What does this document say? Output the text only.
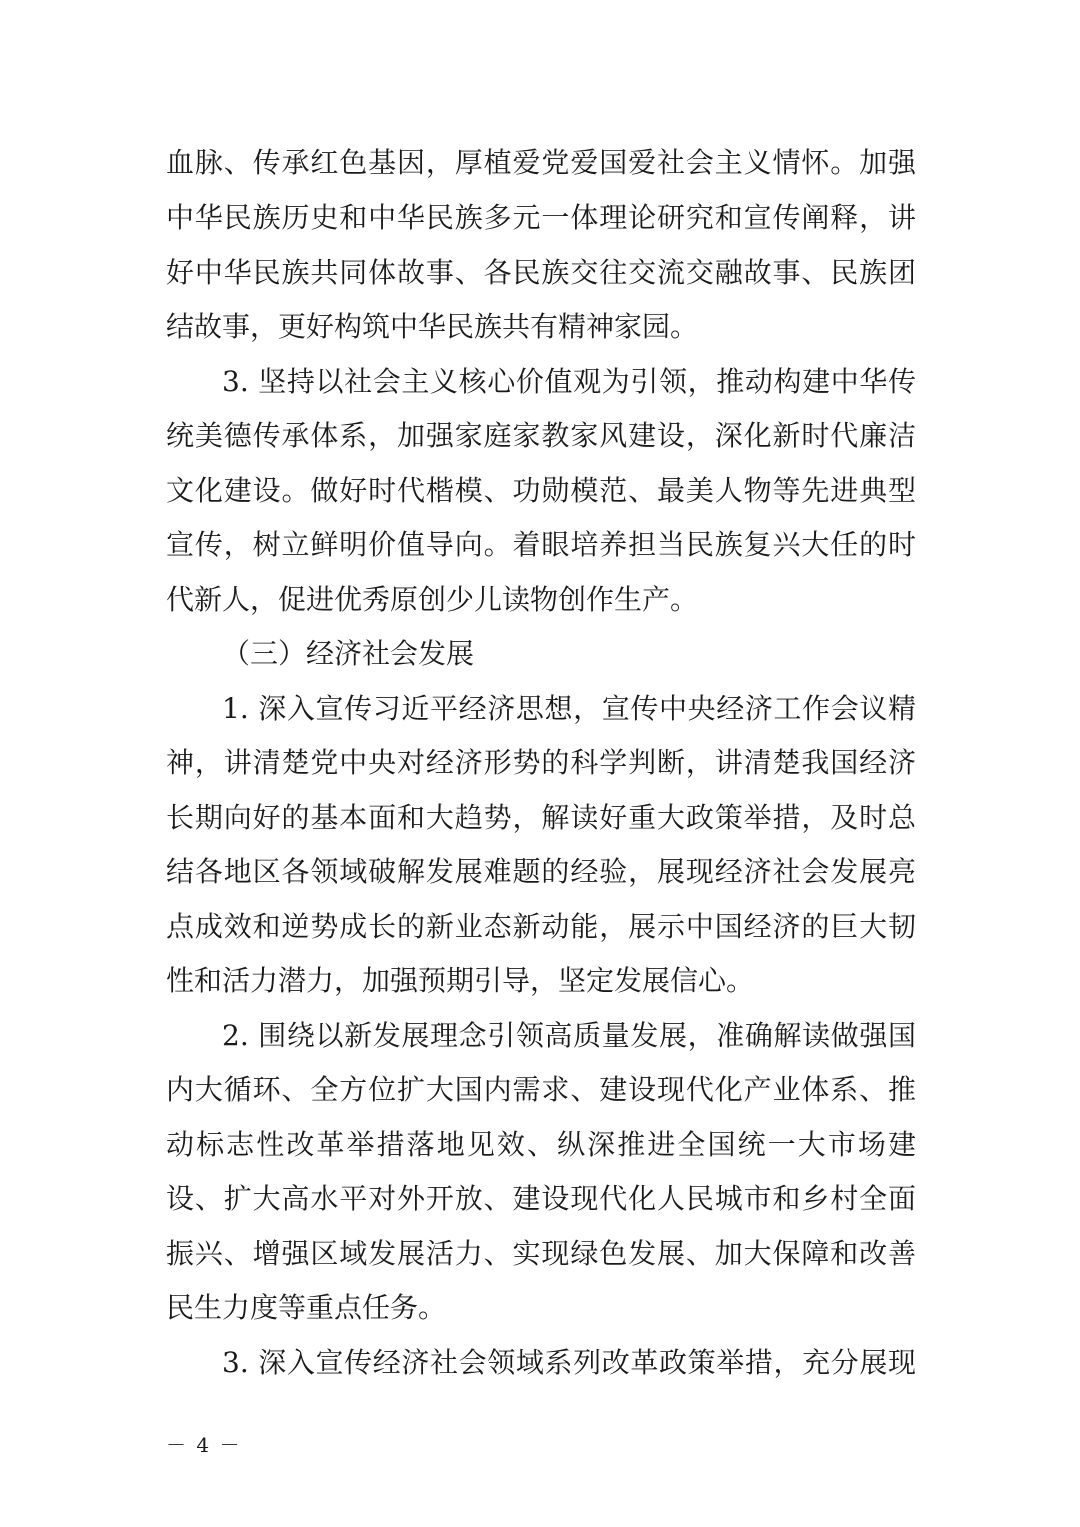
血脉、传承红色基因，厚植爱党爱国爱社会主义情怀。加强
中华民族历史和中华民族多元一体理论研究和宣传阐释，讲
好中华民族共同体故事、各民族交往交流交融故事、民族团
结故事，更好构筑中华民族共有精神家园。
3. 坚持以社会主义核心价值观为引领，推动构建中华传
统美德传承体系，加强家庭家教家风建设，深化新时代廉洁
文化建设。做好时代楷模、功勋模范、最美人物等先进典型
宣传，树立鲜明价值导向。着眼培养担当民族复兴大任的时
代新人，促进优秀原创少儿读物创作生产。
（三）经济社会发展
1. 深入宣传习近平经济思想，宣传中央经济工作会议精
神，讲清楚党中央对经济形势的科学判断，讲清楚我国经济
长期向好的基本面和大趋势，解读好重大政策举措，及时总
结各地区各领域破解发展难题的经验，展现经济社会发展亮
点成效和逆势成长的新业态新动能，展示中国经济的巨大韧
性和活力潜力，加强预期引导，坚定发展信心。
2. 围绕以新发展理念引领高质量发展，准确解读做强国
内大循环、全方位扩大国内需求、建设现代化产业体系、推
动标志性改革举措落地见效、纵深推进全国统一大市场建
设、扩大高水平对外开放、建设现代化人民城市和乡村全面
振兴、增强区域发展活力、实现绿色发展、加大保障和改善
民生力度等重点任务。
3. 深入宣传经济社会领域系列改革政策举措，充分展现
－ 4 －
